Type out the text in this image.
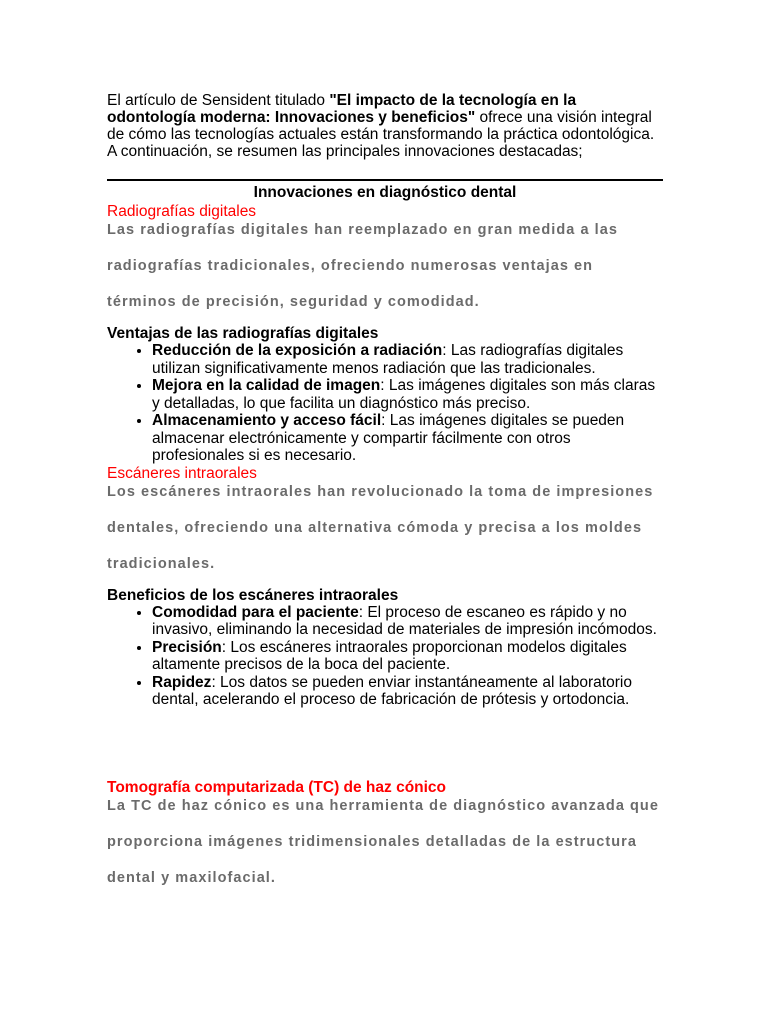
El artículo de Sensident titulado "El impacto de la tecnología en la odontología moderna: Innovaciones y beneficios" ofrece una visión integral de cómo las tecnologías actuales están transformando la práctica odontológica. A continuación, se resumen las principales innovaciones destacadas;

Innovaciones en diagnóstico dental

Radiografías digitales

Las radiografías digitales han reemplazado en gran medida a las
radiografías tradicionales, ofreciendo numerosas ventajas en
términos de precisión, seguridad y comodidad.

Ventajas de las radiografías digitales

• Reducción de la exposición a radiación: Las radiografías digitales utilizan significativamente menos radiación que las tradicionales.
• Mejora en la calidad de imagen: Las imágenes digitales son más claras y detalladas, lo que facilita un diagnóstico más preciso.
• Almacenamiento y acceso fácil: Las imágenes digitales se pueden almacenar electrónicamente y compartir fácilmente con otros profesionales si es necesario.

Escáneres intraorales

Los escáneres intraorales han revolucionado la toma de impresiones
dentales, ofreciendo una alternativa cómoda y precisa a los moldes
tradicionales.

Beneficios de los escáneres intraorales

• Comodidad para el paciente: El proceso de escaneo es rápido y no invasivo, eliminando la necesidad de materiales de impresión incómodos.
• Precisión: Los escáneres intraorales proporcionan modelos digitales altamente precisos de la boca del paciente.
• Rapidez: Los datos se pueden enviar instantáneamente al laboratorio dental, acelerando el proceso de fabricación de prótesis y ortodoncia.

Tomografía computarizada (TC) de haz cónico

La TC de haz cónico es una herramienta de diagnóstico avanzada que
proporciona imágenes tridimensionales detalladas de la estructura
dental y maxilofacial.
